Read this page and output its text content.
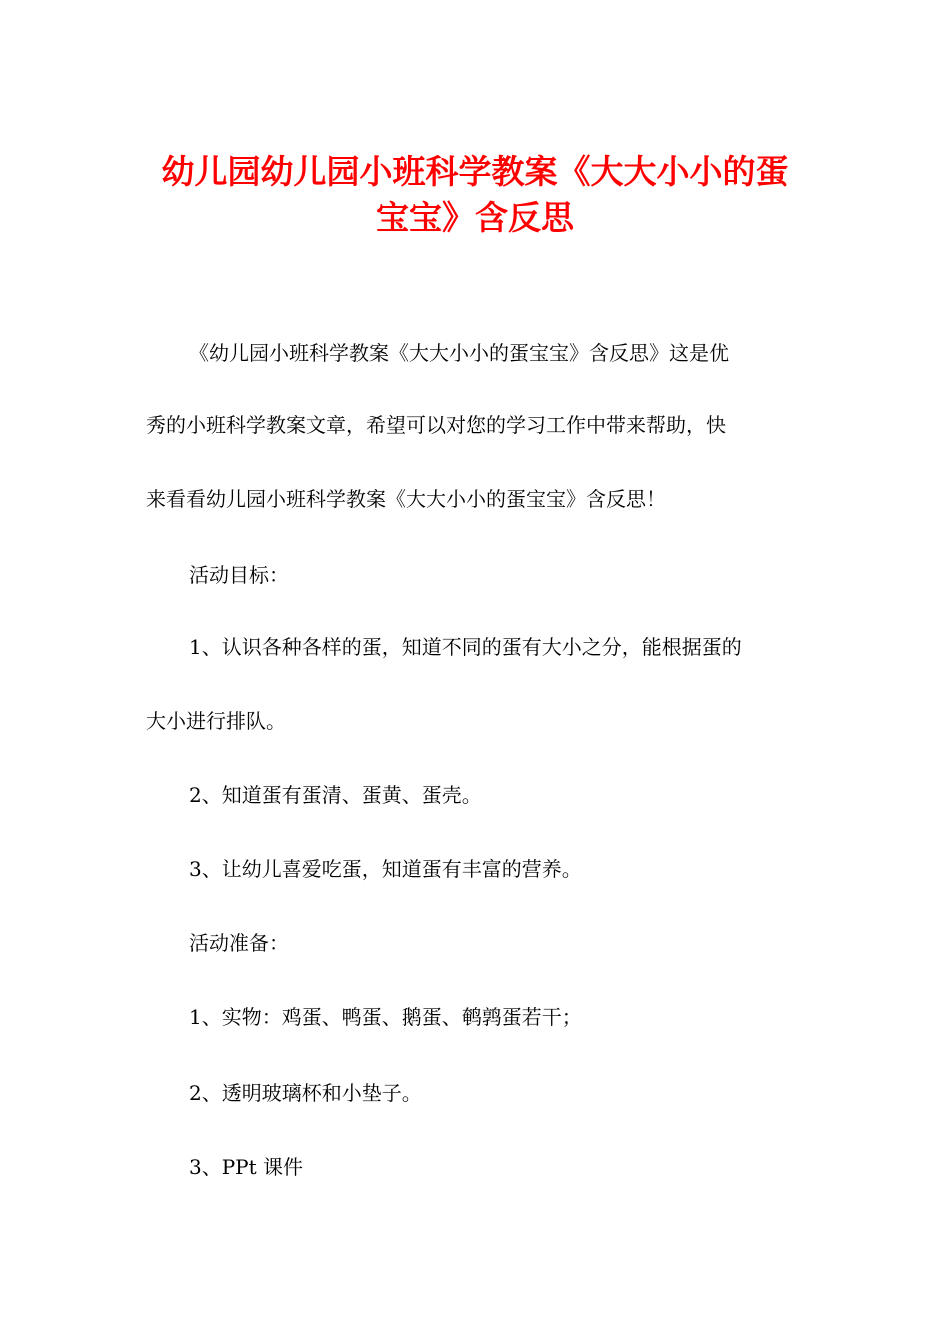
幼儿园幼儿园小班科学教案《大大小小的蛋
宝宝》含反思

《幼儿园小班科学教案《大大小小的蛋宝宝》含反思》这是优

秀的小班科学教案文章，希望可以对您的学习工作中带来帮助，快

来看看幼儿园小班科学教案《大大小小的蛋宝宝》含反思！

活动目标：

1、认识各种各样的蛋，知道不同的蛋有大小之分，能根据蛋的

大小进行排队。

2、知道蛋有蛋清、蛋黄、蛋壳。

3、让幼儿喜爱吃蛋，知道蛋有丰富的营养。

活动准备：

1、实物：鸡蛋、鸭蛋、鹅蛋、鹌鹑蛋若干；

2、透明玻璃杯和小垫子。

3、PPt 课件
